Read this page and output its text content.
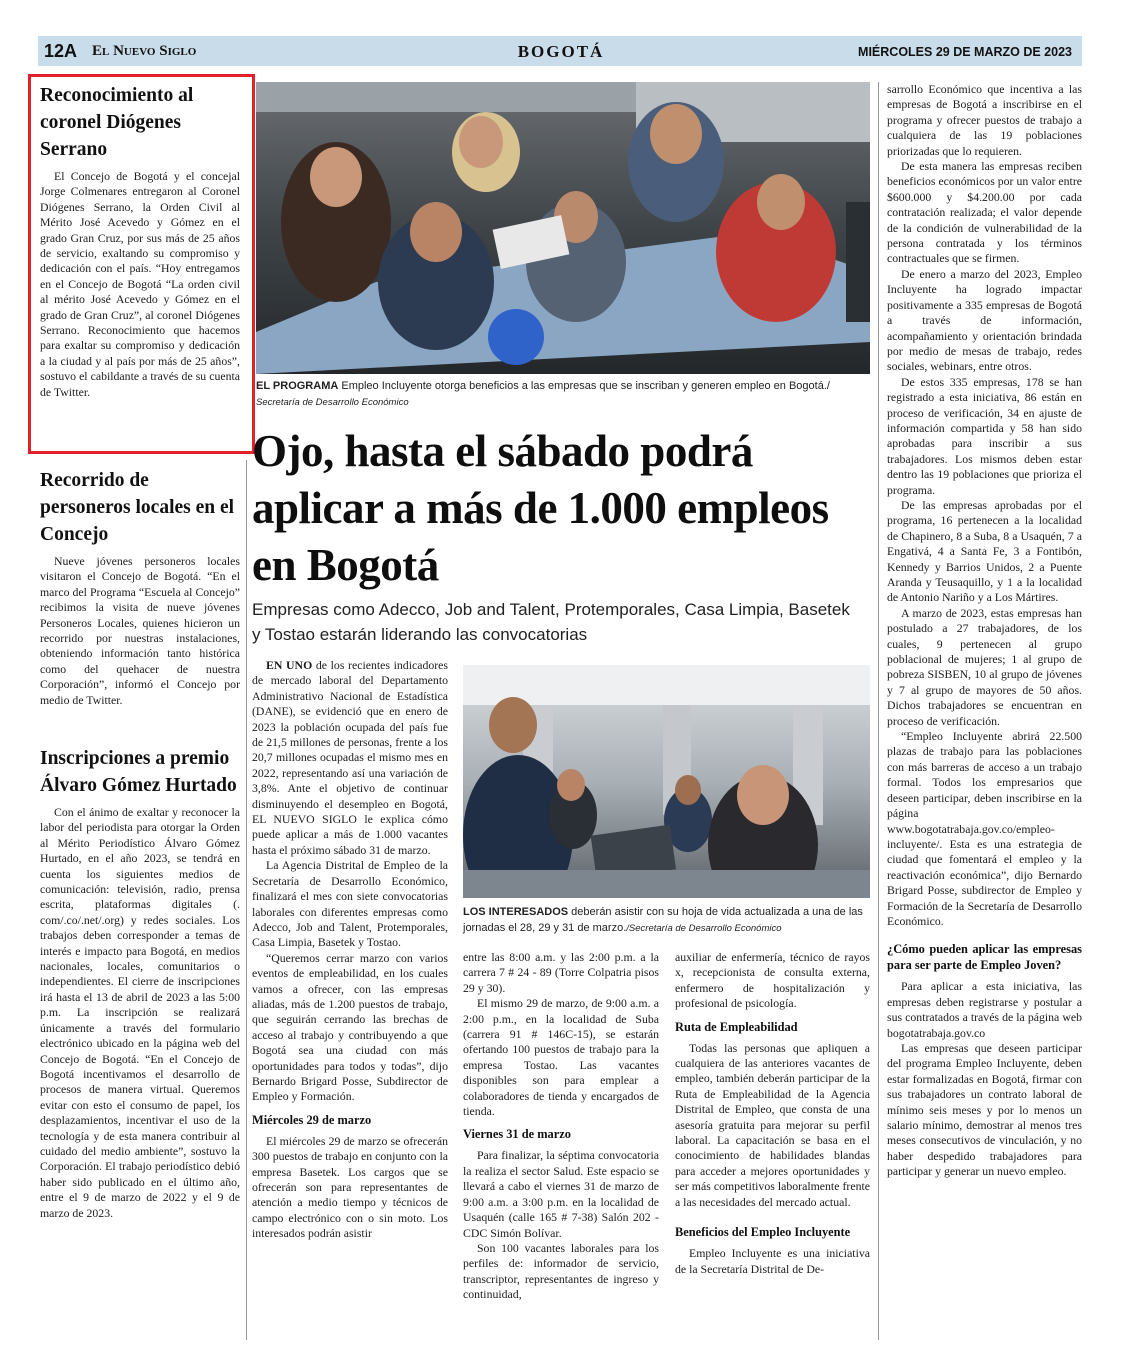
12A El Nuevo Siglo	BOGOTÁ	MIÉRCOLES 29 DE MARZO DE 2023
Reconocimiento al coronel Diógenes Serrano

El Concejo de Bogotá y el concejal Jorge Colmenares entregaron al Coronel Diógenes Serrano, la Orden Civil al Mérito José Acevedo y Gómez en el grado Gran Cruz, por sus más de 25 años de servicio, exaltando su compromiso y dedicación con el país. “Hoy entregamos en el Concejo de Bogotá “La orden civil al mérito José Acevedo y Gómez en el grado de Gran Cruz”, al coronel Diógenes Serrano. Reconocimiento que hacemos para exaltar su compromiso y dedicación a la ciudad y al país por más de 25 años”, sostuvo el cabildante a través de su cuenta de Twitter.

Recorrido de personeros locales en el Concejo

Nueve jóvenes personeros locales visitaron el Concejo de Bogotá. “En el marco del Programa “Escuela al Concejo” recibimos la visita de nueve jóvenes Personeros Locales, quienes hicieron un recorrido por nuestras instalaciones, obteniendo información tanto histórica como del quehacer de nuestra Corporación”, informó el Concejo por medio de Twitter.

Inscripciones a premio Álvaro Gómez Hurtado

Con el ánimo de exaltar y reconocer la labor del periodista para otorgar la Orden al Mérito Periodístico Álvaro Gómez Hurtado, en el año 2023, se tendrá en cuenta los siguientes medios de comunicación: televisión, radio, prensa escrita, plataformas digitales (. com/.co/.net/.org) y redes sociales. Los trabajos deben corresponder a temas de interés e impacto para Bogotá, en medios nacionales, locales, comunitarios o independientes. El cierre de inscripciones irá hasta el 13 de abril de 2023 a las 5:00 p.m. La inscripción se realizará únicamente a través del formulario electrónico ubicado en la página web del Concejo de Bogotá. “En el Concejo de Bogotá incentivamos el desarrollo de procesos de manera virtual. Queremos evitar con esto el consumo de papel, los desplazamientos, incentivar el uso de la tecnología y de esta manera contribuir al cuidado del medio ambiente”, sostuvo la Corporación. El trabajo periodístico debió haber sido publicado en el último año, entre el 9 de marzo de 2022 y el 9 de marzo de 2023.

EL PROGRAMA Empleo Incluyente otorga beneficios a las empresas que se inscriban y generen empleo en Bogotá./
Secretaría de Desarrollo Económico
Ojo, hasta el sábado podrá aplicar a más de 1.000 empleos en Bogotá
Empresas como Adecco, Job and Talent, Protemporales, Casa Limpia, Basetek y Tostao estarán liderando las convocatorias

EN UNO de los recientes indicadores de mercado laboral del Departamento Administrativo Nacional de Estadística (DANE), se evidenció que en enero de 2023 la población ocupada del país fue de 21,5 millones de personas, frente a los 20,7 millones ocupadas el mismo mes en 2022, representando así una variación de 3,8%. Ante el objetivo de continuar disminuyendo el desempleo en Bogotá, EL NUEVO SIGLO le explica cómo puede aplicar a más de 1.000 vacantes hasta el próximo sábado 31 de marzo.

La Agencia Distrital de Empleo de la Secretaría de Desarrollo Económico, finalizará el mes con siete convocatorias laborales con diferentes empresas como Adecco, Job and Talent, Protemporales, Casa Limpia, Basetek y Tostao.

“Queremos cerrar marzo con varios eventos de empleabilidad, en los cuales vamos a ofrecer, con las empresas aliadas, más de 1.200 puestos de trabajo, que seguirán cerrando las brechas de acceso al trabajo y contribuyendo a que Bogotá sea una ciudad con más oportunidades para todos y todas”, dijo Bernardo Brigard Posse, Subdirector de Empleo y Formación.

Miércoles 29 de marzo

El miércoles 29 de marzo se ofrecerán 300 puestos de trabajo en conjunto con la empresa Basetek. Los cargos que se ofrecerán son para representantes de atención a medio tiempo y técnicos de campo electrónico con o sin moto. Los interesados podrán asistir

LOS INTERESADOS deberán asistir con su hoja de vida actualizada a una de las jornadas el 28, 29 y 31 de marzo./Secretaría de Desarrollo Económico

entre las 8:00 a.m. y las 2:00 p.m. a la carrera 7 # 24 - 89 (Torre Colpatria pisos 29 y 30).

El mismo 29 de marzo, de 9:00 a.m. a 2:00 p.m., en la localidad de Suba (carrera 91 # 146C-15), se estarán ofertando 100 puestos de trabajo para la empresa Tostao. Las vacantes disponibles son para emplear a colaboradores de tienda y encargados de tienda.

Viernes 31 de marzo

Para finalizar, la séptima convocatoria la realiza el sector Salud. Este espacio se llevará a cabo el viernes 31 de marzo de 9:00 a.m. a 3:00 p.m. en la localidad de Usaquén (calle 165 # 7-38) Salón 202 - CDC Simón Bolívar.

Son 100 vacantes laborales para los perfiles de: informador de servicio, transcriptor, representantes de ingreso y continuidad,

auxiliar de enfermería, técnico de rayos x, recepcionista de consulta externa, enfermero de hospitalización y profesional de psicología.

Ruta de Empleabilidad

Todas las personas que apliquen a cualquiera de las anteriores vacantes de empleo, también deberán participar de la Ruta de Empleabilidad de la Agencia Distrital de Empleo, que consta de una asesoría gratuita para mejorar su perfil laboral. La capacitación se basa en el conocimiento de habilidades blandas para acceder a mejores oportunidades y ser más competitivos laboralmente frente a las necesidades del mercado actual.

Beneficios del Empleo Incluyente

Empleo Incluyente es una iniciativa de la Secretaría Distrital de De-

sarrollo Económico que incentiva a las empresas de Bogotá a inscribirse en el programa y ofrecer puestos de trabajo a cualquiera de las 19 poblaciones priorizadas que lo requieren.

De esta manera las empresas reciben beneficios económicos por un valor entre $600.000 y $4.200.00 por cada contratación realizada; el valor depende de la condición de vulnerabilidad de la persona contratada y los términos contractuales que se firmen.

De enero a marzo del 2023, Empleo Incluyente ha logrado impactar positivamente a 335 empresas de Bogotá a través de información, acompañamiento y orientación brindada por medio de mesas de trabajo, redes sociales, webinars, entre otros.

De estos 335 empresas, 178 se han registrado a esta iniciativa, 86 están en proceso de verificación, 34 en ajuste de información compartida y 58 han sido aprobadas para inscribir a sus trabajadores. Los mismos deben estar dentro las 19 poblaciones que prioriza el programa.

De las empresas aprobadas por el programa, 16 pertenecen a la localidad de Chapinero, 8 a Suba, 8 a Usaquén, 7 a Engativá, 4 a Santa Fe, 3 a Fontibón, Kennedy y Barrios Unidos, 2 a Puente Aranda y Teusaquillo, y 1 a la localidad de Antonio Nariño y a Los Mártires.

A marzo de 2023, estas empresas han postulado a 27 trabajadores, de los cuales, 9 pertenecen al grupo poblacional de mujeres; 1 al grupo de pobreza SISBEN, 10 al grupo de jóvenes y 7 al grupo de mayores de 50 años. Dichos trabajadores se encuentran en proceso de verificación.

“Empleo Incluyente abrirá 22.500 plazas de trabajo para las poblaciones con más barreras de acceso a un trabajo formal. Todos los empresarios que deseen participar, deben inscribirse en la página www.bogotatrabaja.gov.co/empleo-incluyente/. Esta es una estrategia de ciudad que fomentará el empleo y la reactivación económica”, dijo Bernardo Brigard Posse, subdirector de Empleo y Formación de la Secretaría de Desarrollo Económico.

¿Cómo pueden aplicar las empresas para ser parte de Empleo Joven?

Para aplicar a esta iniciativa, las empresas deben registrarse y postular a sus contratados a través de la página web bogotatrabaja.gov.co

Las empresas que deseen participar del programa Empleo Incluyente, deben estar formalizadas en Bogotá, firmar con sus trabajadores un contrato laboral de mínimo seis meses y por lo menos un salario mínimo, demostrar al menos tres meses consecutivos de vinculación, y no haber despedido trabajadores para participar y generar un nuevo empleo.
